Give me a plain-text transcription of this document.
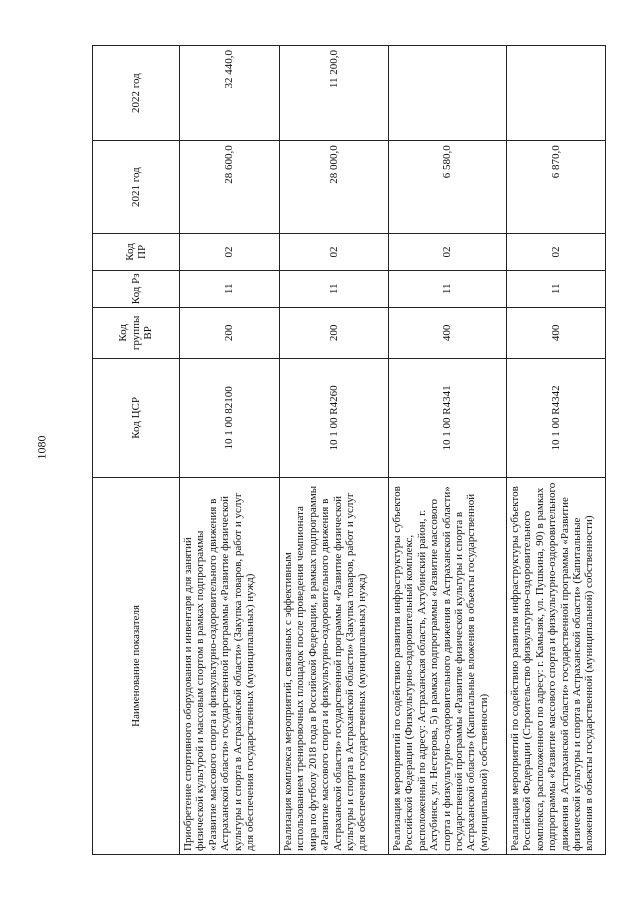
1080
Наименование показателя	Код ЦСР	Код группы ВР	Код Рз	Код ПР	2021 год	2022 год
Приобретение спортивного оборудования и инвентаря для занятий физической культурой и массовым спортом в рамках подпрограммы «Развитие массового спорта и физкультурно-оздоровительного движения в Астраханской области» государственной программы «Развитие физической культуры и спорта в Астраханской области» (Закупка товаров, работ и услуг для обеспечения государственных (муниципальных) нужд)	10 1 00 82100	200	11	02	28 600,0	32 440,0
Реализация комплекса мероприятий, связанных с эффективным использованием тренировочных площадок после проведения чемпионата мира по футболу 2018 года в Российской Федерации, в рамках подпрограммы «Развитие массового спорта и физкультурно-оздоровительного движения в Астраханской области» государственной программы «Развитие физической культуры и спорта в Астраханской области» (Закупка товаров, работ и услуг для обеспечения государственных (муниципальных) нужд)	10 1 00 R4260	200	11	02	28 000,0	11 200,0
Реализация мероприятий по содействию развития инфраструктуры субъектов Российской Федерации (Физкультурно-оздоровительный комплекс, расположенный по адресу: Астраханская область, Ахтубинский район, г. Ахтубинск, ул. Нестерова, 5) в рамках подпрограммы «Развитие массового спорта и физкультурно-оздоровительного движения в Астраханской области» государственной программы «Развитие физической культуры и спорта в Астраханской области» (Капитальные вложения в объекты государственной (муниципальной) собственности)	10 1 00 R4341	400	11	02	6 580,0	
Реализация мероприятий по содействию развития инфраструктуры субъектов Российской Федерации (Строительство физкультурно-оздоровительного комплекса, расположенного по адресу: г. Камызяк, ул. Пушкина, 90) в рамках подпрограммы «Развитие массового спорта и физкультурно-оздоровительного движения в Астраханской области» государственной программы «Развитие физической культуры и спорта в Астраханской области» (Капитальные вложения в объекты государственной (муниципальной) собственности)	10 1 00 R4342	400	11	02	6 870,0	
